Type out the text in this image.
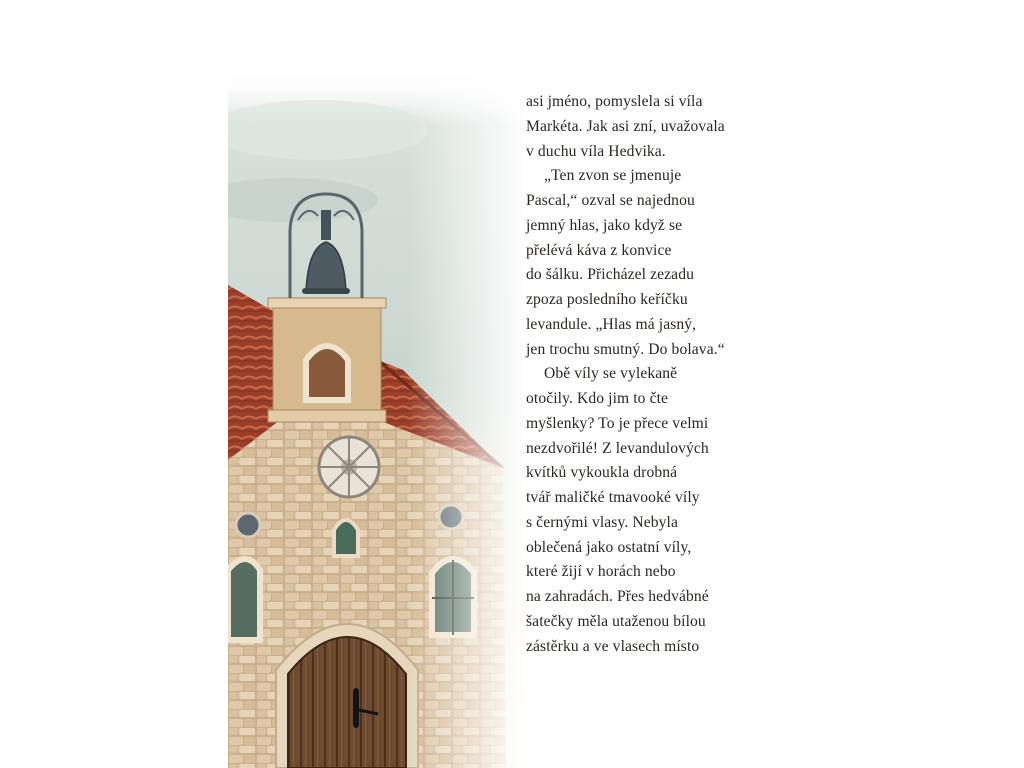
asi jméno, pomyslela si víla
Markéta. Jak asi zní, uvažovala
v duchu víla Hedvika.
„Ten zvon se jmenuje
Pascal,“ ozval se najednou
jemný hlas, jako když se
přelévá káva z konvice
do šálku. Přicházel zezadu
zpoza posledního keříčku
levandule. „Hlas má jasný,
jen trochu smutný. Do bolava.“
Obě víly se vylekaně
otočily. Kdo jim to čte
myšlenky? To je přece velmi
nezdvořilé! Z levandulových
kvítků vykoukla drobná
tvář maličké tmavooké víly
s černými vlasy. Nebyla
oblečená jako ostatní víly,
které žijí v horách nebo
na zahradách. Přes hedvábné
šatečky měla utaženou bílou
zástěrku a ve vlasech místo
